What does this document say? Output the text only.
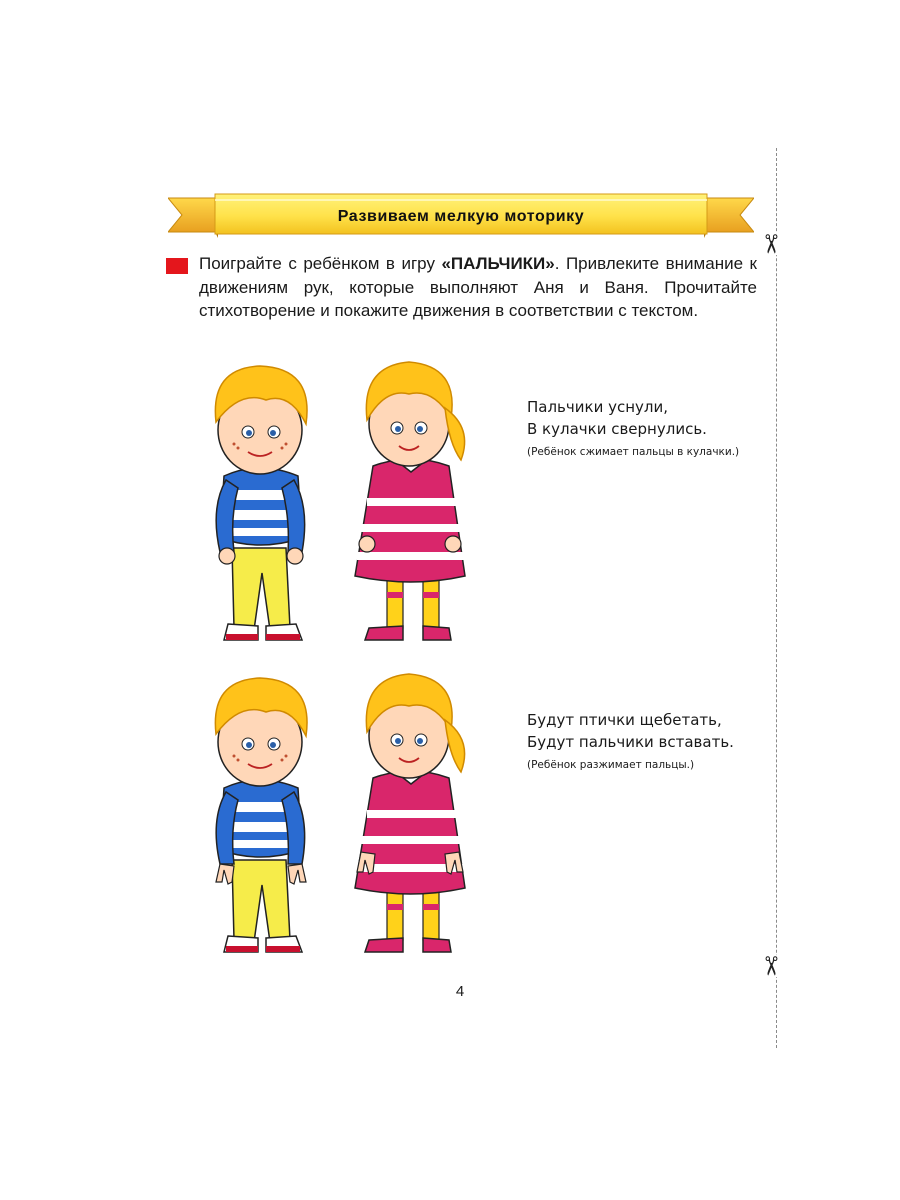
✂
✂
Развиваем мелкую моторику
Поиграйте с ребёнком в игру «ПАЛЬЧИКИ». Привлеките внимание к движениям рук, которые выполняют Аня и Ваня. Прочитайте стихотворение и покажите движения в соответствии с текстом.
Пальчики уснули,
В кулачки свернулись.
(Ребёнок сжимает пальцы в кулачки.)
Будут птички щебетать,
Будут пальчики вставать.
(Ребёнок разжимает пальцы.)
4
